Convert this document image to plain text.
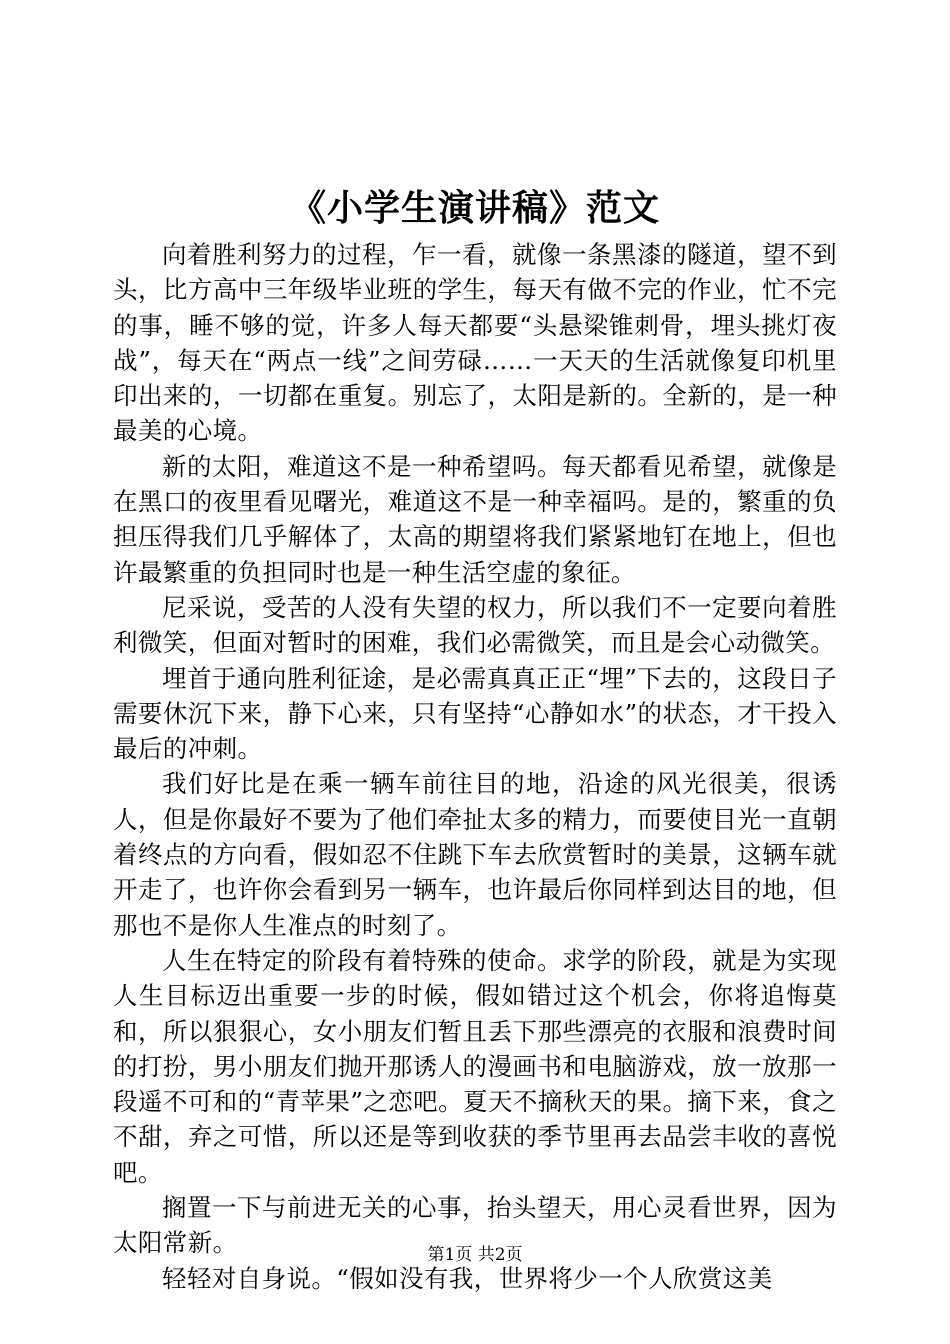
《小学生演讲稿》范文

向着胜利努力的过程，乍一看，就像一条黑漆的隧道，望不到头，比方高中三年级毕业班的学生，每天有做不完的作业，忙不完的事，睡不够的觉，许多人每天都要“头悬梁锥刺骨，埋头挑灯夜战”，每天在“两点一线”之间劳碌……一天天的生活就像复印机里印出来的，一切都在重复。别忘了，太阳是新的。全新的，是一种最美的心境。

新的太阳，难道这不是一种希望吗。每天都看见希望，就像是在黑口的夜里看见曙光，难道这不是一种幸福吗。是的，繁重的负担压得我们几乎解体了，太高的期望将我们紧紧地钉在地上，但也许最繁重的负担同时也是一种生活空虚的象征。

尼采说，受苦的人没有失望的权力，所以我们不一定要向着胜利微笑，但面对暂时的困难，我们必需微笑，而且是会心动微笑。

埋首于通向胜利征途，是必需真真正正“埋”下去的，这段日子需要休沉下来，静下心来，只有坚持“心静如水”的状态，才干投入最后的冲刺。

我们好比是在乘一辆车前往目的地，沿途的风光很美，很诱人，但是你最好不要为了他们牵扯太多的精力，而要使目光一直朝着终点的方向看，假如忍不住跳下车去欣赏暂时的美景，这辆车就开走了，也许你会看到另一辆车，也许最后你同样到达目的地，但那也不是你人生准点的时刻了。

人生在特定的阶段有着特殊的使命。求学的阶段，就是为实现人生目标迈出重要一步的时候，假如错过这个机会，你将追悔莫和，所以狠狠心，女小朋友们暂且丢下那些漂亮的衣服和浪费时间的打扮，男小朋友们抛开那诱人的漫画书和电脑游戏，放一放那一段遥不可和的“青苹果”之恋吧。夏天不摘秋天的果。摘下来，食之不甜，弃之可惜，所以还是等到收获的季节里再去品尝丰收的喜悦吧。

搁置一下与前进无关的心事，抬头望天，用心灵看世界，因为太阳常新。

轻轻对自身说。“假如没有我，世界将少一个人欣赏这美

第1页 共2页
